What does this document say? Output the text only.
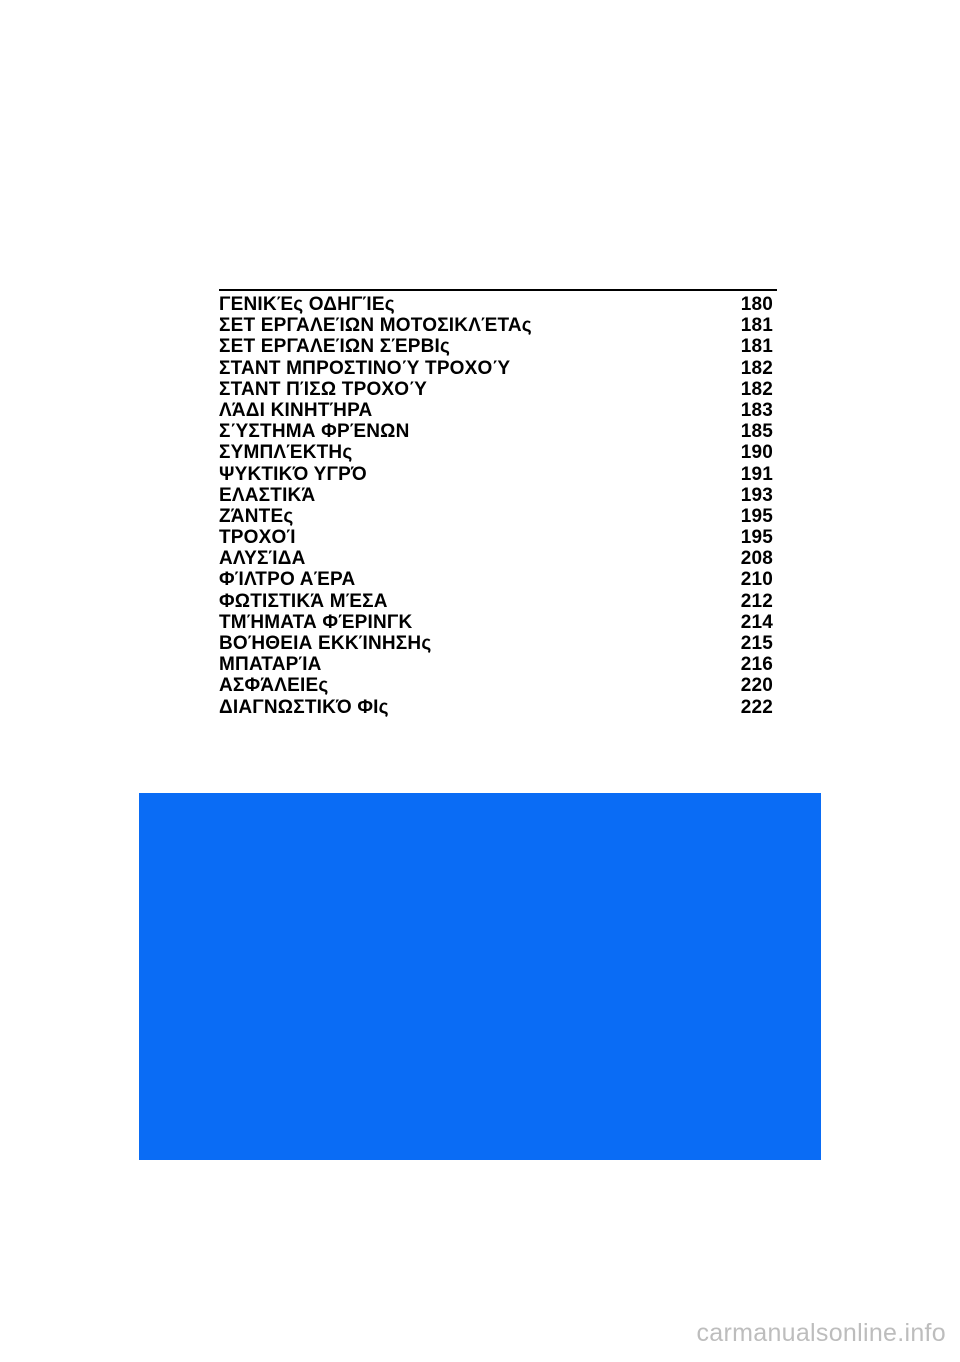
ΓΕΝΙΚΈς ΟΔΗΓΊΕς	180
ΣΕΤ ΕΡΓΑΛΕΊΩΝ ΜΟΤΟΣΙΚΛΈΤΑς	181
ΣΕΤ ΕΡΓΑΛΕΊΩΝ ΣΈΡΒΙς	181
ΣΤΑΝΤ ΜΠΡΟΣΤΙΝΟΎ ΤΡΟΧΟΎ	182
ΣΤΑΝΤ ΠΊΣΩ ΤΡΟΧΟΎ	182
ΛΆΔΙ ΚΙΝΗΤΉΡΑ	183
ΣΎΣΤΗΜΑ ΦΡΈΝΩΝ	185
ΣΥΜΠΛΈΚΤΗς	190
ΨΥΚΤΙΚΌ ΥΓΡΌ	191
ΕΛΑΣΤΙΚΆ	193
ΖΆΝΤΕς	195
ΤΡΟΧΟΊ	195
ΑΛΥΣΊΔΑ	208
ΦΊΛΤΡΟ ΑΈΡΑ	210
ΦΩΤΙΣΤΙΚΆ ΜΈΣΑ	212
ΤΜΉΜΑΤΑ ΦΈΡΙΝΓΚ	214
ΒΟΉΘΕΙΑ ΕΚΚΊΝΗΣΗς	215
ΜΠΑΤΑΡΊΑ	216
ΑΣΦΆΛΕΙΕς	220
ΔΙΑΓΝΩΣΤΙΚΌ ΦΙς	222
carmanualsonline.info
